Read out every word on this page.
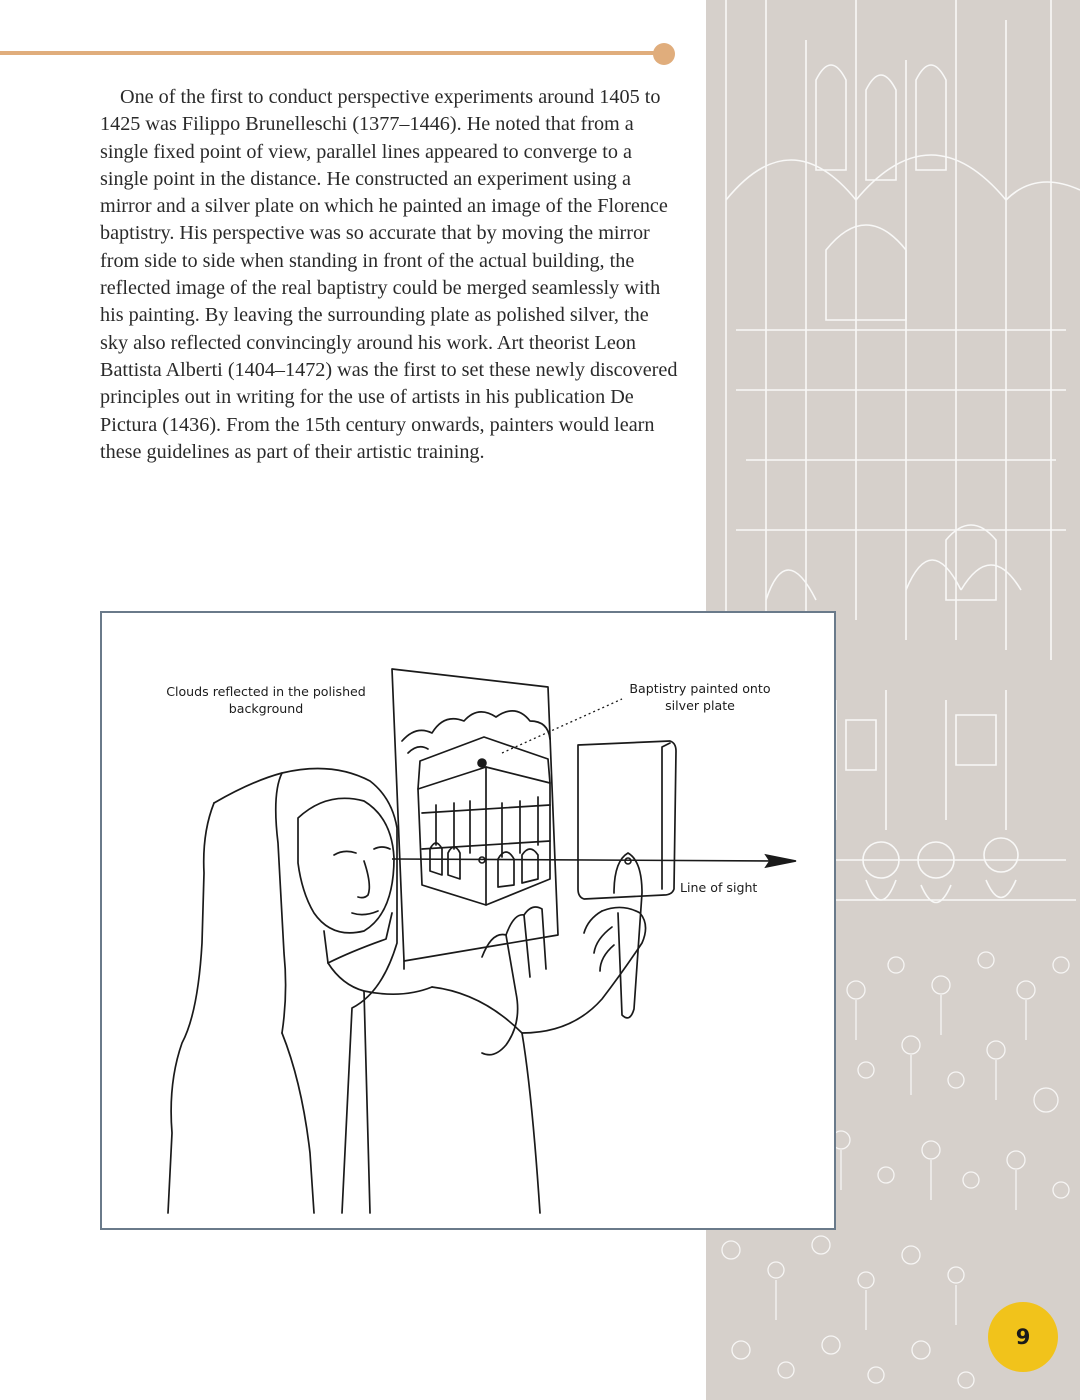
One of the first to conduct perspective experiments around 1405 to 1425 was Filippo Brunelleschi (1377–1446). He noted that from a single fixed point of view, parallel lines appeared to converge to a single point in the distance. He constructed an experiment using a mirror and a silver plate on which he painted an image of the Florence baptistry. His perspective was so accurate that by moving the mirror from side to side when standing in front of the actual building, the reflected image of the real baptistry could be merged seamlessly with his painting. By leaving the surrounding plate as polished silver, the sky also reflected convincingly around his work. Art theorist Leon Battista Alberti (1404–1472) was the first to set these newly discovered principles out in writing for the use of artists in his publication De Pictura (1436). From the 15th century onwards, painters would learn these guidelines as part of their artistic training.

Clouds reflected in the polished
background
Baptistry painted onto
silver plate
Line of sight
9
